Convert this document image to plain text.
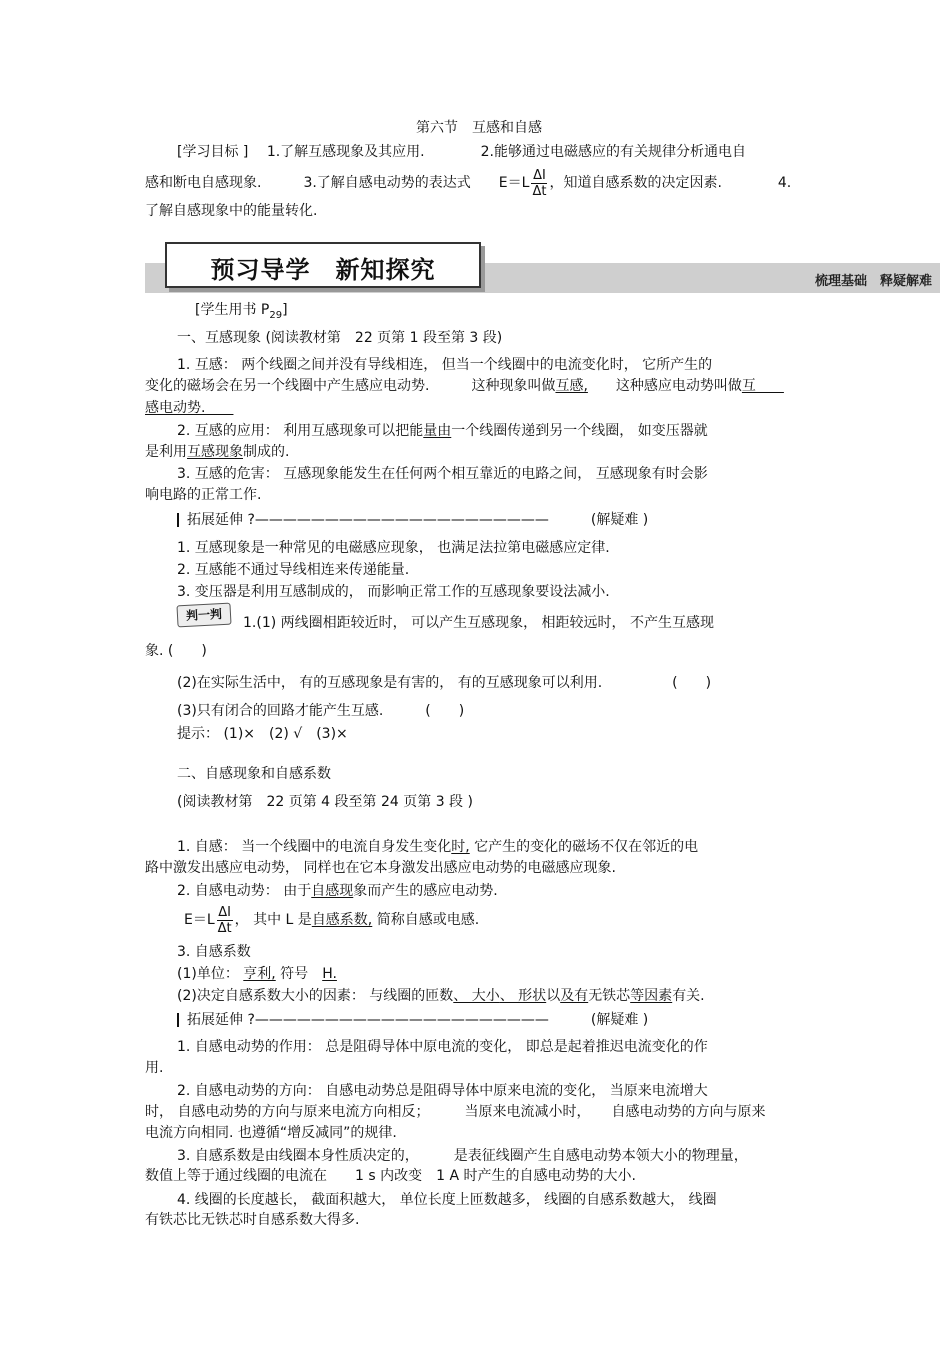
第六节　互感和自感
[学习目标 ]　 1.了解互感现象及其应用.　　　　2.能够通过电磁感应的有关规律分析通电自
感和断电自感现象.　　　3.了解自感电动势的表达式　　$E=L \frac{\Delta I}{\Delta t}$ ，知道自感系数的决定因素.　　　　4.
了解自感现象中的能量转化.
预习导学　新知探究	梳理基础　释疑解难
[学生用书 $P_{29}$]
一、互感现象 (阅读教材第　22 页第 1 段至第 3 段)
1. 互感： 两个线圈之间并没有导线相连， 但当一个线圈中的电流变化时， 它所产生的
变化的磁场会在另一个线圈中产生感应电动势.　　　这种现象叫做互感,　　这种感应电动势叫做互　　
感电动势.　　
2. 互感的应用： 利用互感现象可以把能量由一个线圈传递到另一个线圈， 如变压器就
是利用互感现象制成的.
3. 互感的危害： 互感现象能发生在任何两个相互靠近的电路之间， 互感现象有时会影
响电路的正常工作.
拓展延伸 ?—————————————————————　　　(解疑难 )
1. 互感现象是一种常见的电磁感应现象， 也满足法拉第电磁感应定律.
2. 互感能不通过导线相连来传递能量.
3. 变压器是利用互感制成的， 而影响正常工作的互感现象要设法减小.
判一判	1.(1) 两线圈相距较近时， 可以产生互感现象， 相距较远时， 不产生互感现
象. (　　)
(2)在实际生活中， 有的互感现象是有害的， 有的互感现象可以利用.　　　　　(　　)
(3)只有闭合的回路才能产生互感.　　　(　　)
提示： (1)×　(2) √　(3)×
二、自感现象和自感系数
(阅读教材第　22 页第 4 段至第 24 页第 3 段 )
1. 自感： 当一个线圈中的电流自身发生变化时, 它产生的变化的磁场不仅在邻近的电
路中激发出感应电动势， 同样也在它本身激发出感应电动势的电磁感应现象.
2. 自感电动势： 由于自感现象而产生的感应电动势.
$E=L \frac{\Delta I}{\Delta t}$ ， 其中 L 是自感系数, 简称自感或电感.
3. 自感系数
(1)单位： 亨利, 符号　H.
(2)决定自感系数大小的因素： 与线圈的匝数、 大小、 形状以及有无铁芯等因素有关.
拓展延伸 ?—————————————————————　　　(解疑难 )
1. 自感电动势的作用： 总是阻碍导体中原电流的变化， 即总是起着推迟电流变化的作
用.
2. 自感电动势的方向： 自感电动势总是阻碍导体中原来电流的变化， 当原来电流增大
时， 自感电动势的方向与原来电流方向相反；　　　当原来电流减小时，　　自感电动势的方向与原来
电流方向相同. 也遵循“增反减同”的规律.
3. 自感系数是由线圈本身性质决定的，　　　是表征线圈产生自感电动势本领大小的物理量，
数值上等于通过线圈的电流在　　1 s 内改变　1 A 时产生的自感电动势的大小.
4. 线圈的长度越长， 截面积越大， 单位长度上匝数越多， 线圈的自感系数越大， 线圈
有铁芯比无铁芯时自感系数大得多.
